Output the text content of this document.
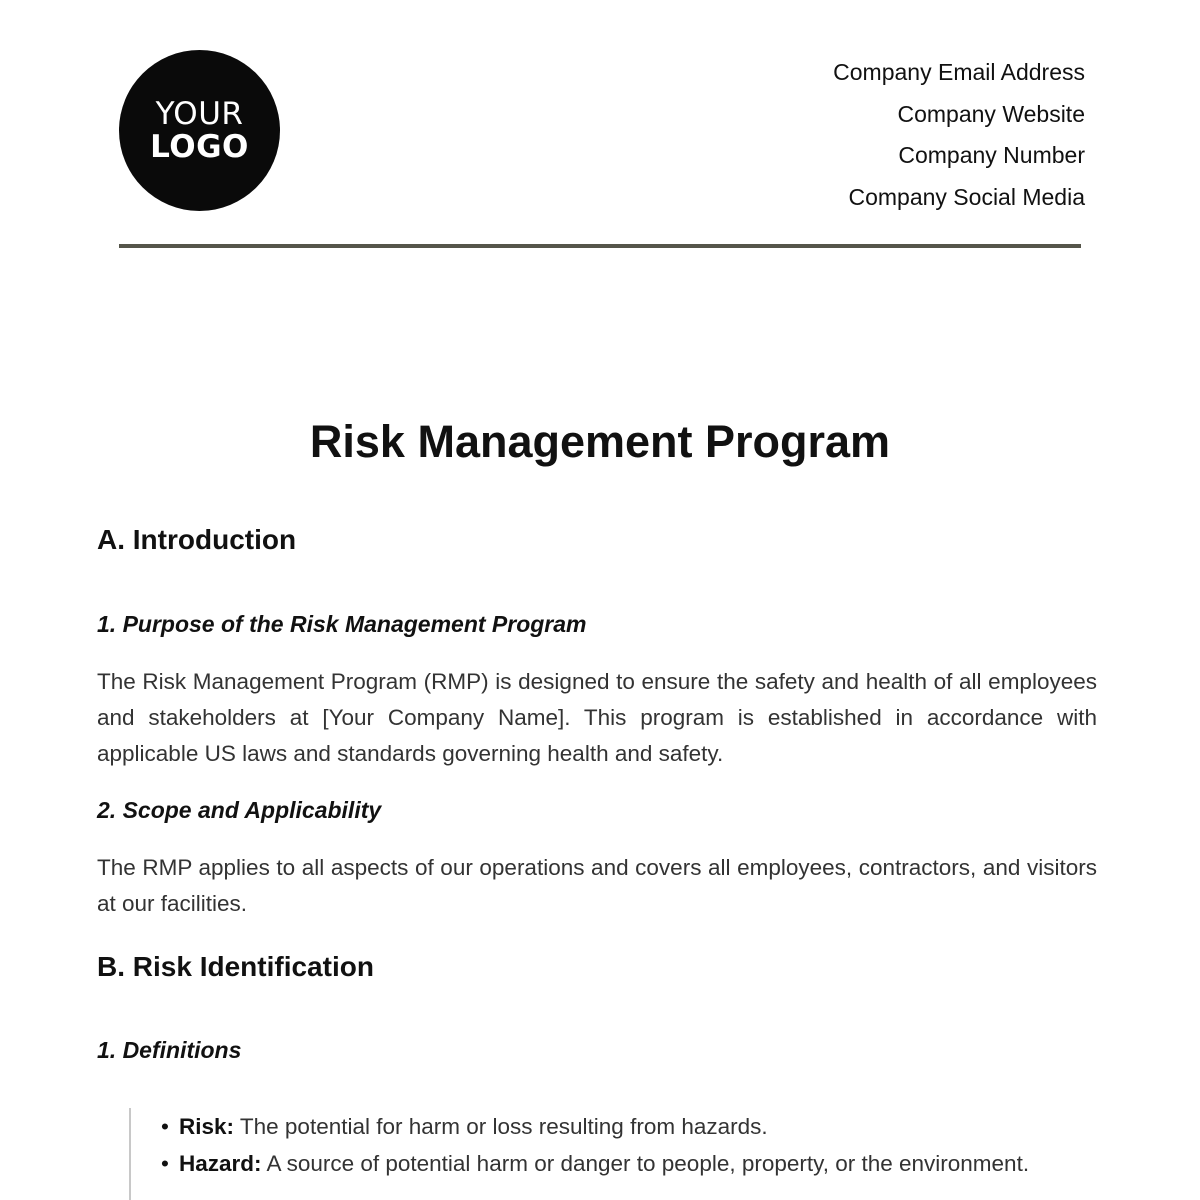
YOUR
LOGO
Company Email Address
Company Website
Company Number
Company Social Media
Risk Management Program
A. Introduction
1. Purpose of the Risk Management Program

The Risk Management Program (RMP) is designed to ensure the safety and health of all employees and stakeholders at [Your Company Name]. This program is established in accordance with applicable US laws and standards governing health and safety.

2. Scope and Applicability

The RMP applies to all aspects of our operations and covers all employees, contractors, and visitors at our facilities.

B. Risk Identification
1. Definitions
• Risk: The potential for harm or loss resulting from hazards.
• Hazard: A source of potential harm or danger to people, property, or the environment.
